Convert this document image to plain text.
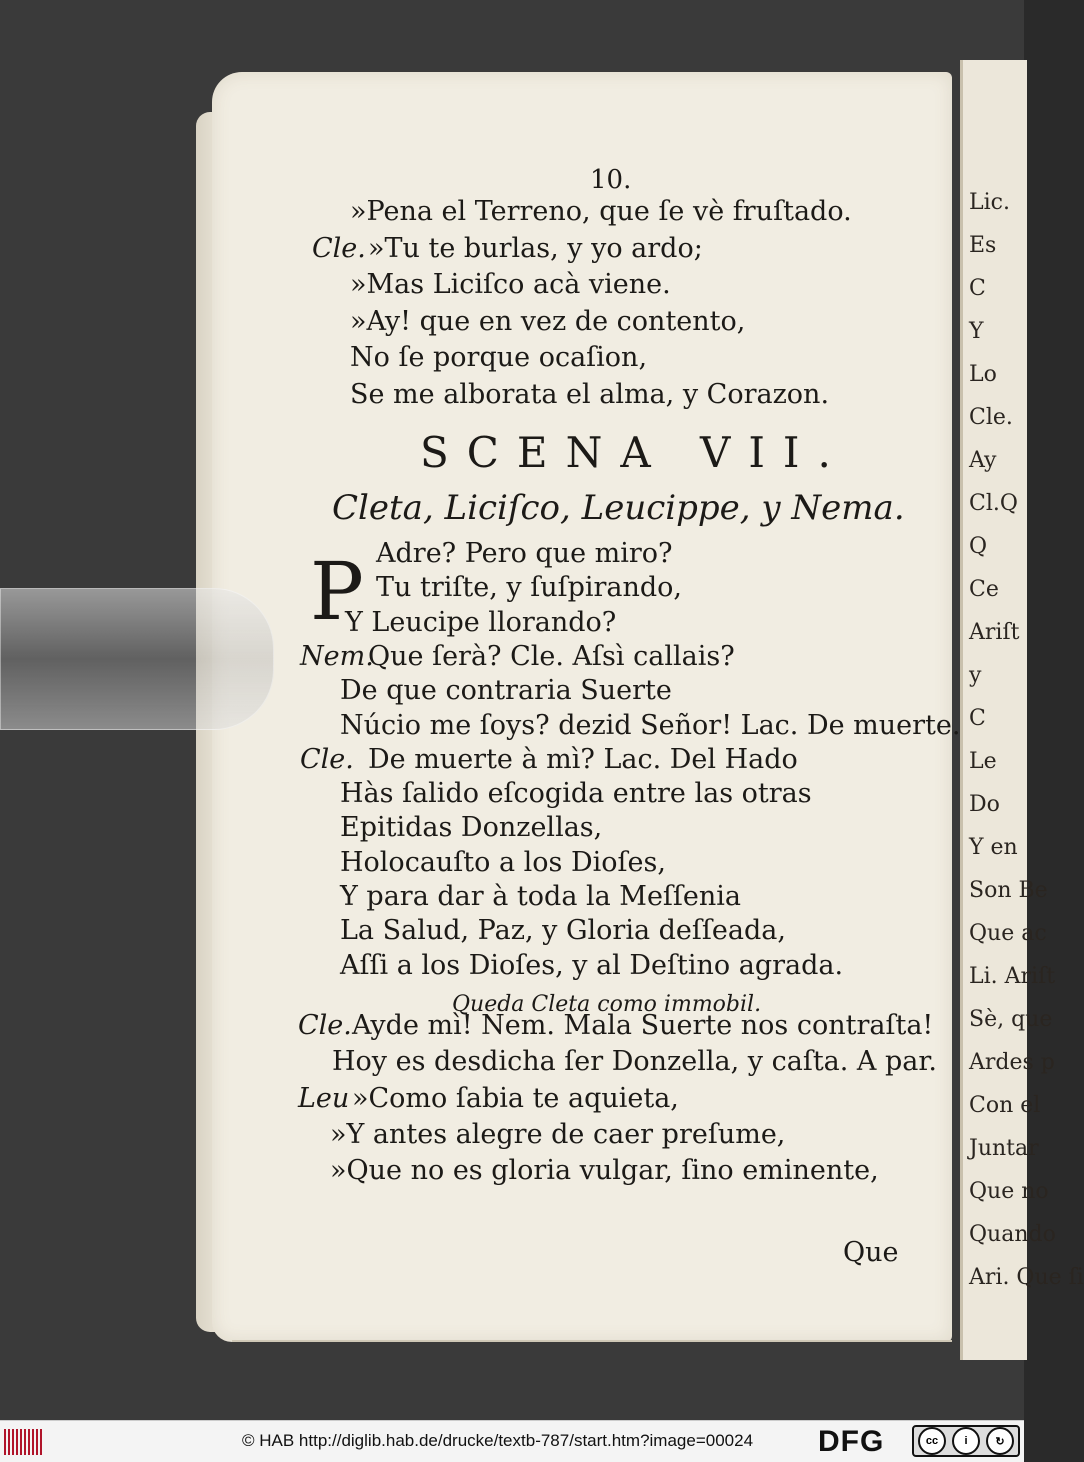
Lic.
Es
C
Y
Lo
Cle.
Ay
Cl.Q
Q
Ce
Ariſt
y
C
Le
Do
Y en
Son Be
Que ac
Li. Ariſt
Sè, que
Ardes p
Con el
Juntar
Que no
Quando
Ari. Que ſi
10.
»Pena el Terreno, que ſe vè fruſtado.
Cle. »Tu te burlas, y yo ardo;
»Mas Liciſco acà viene.
»Ay! que en vez de contento,
No ſe porque ocaſion,
Se me alborata el alma, y Corazon.
SCENA VII.
Cleta, Liciſco, Leucippe, y Nema.
P Adre? Pero que miro?
Tu triſte, y ſuſpirando,
Y Leucipe llorando?
Nem.
Que ſerà? Cle. Aſsì callais?
De que contraria Suerte
Núcio me ſoys? dezid Señor! Lac. De muerte.
Cle. De muerte à mì? Lac. Del Hado
Hàs ſalido eſcogida entre las otras
Epitidas Donzellas,
Holocauſto a los Dioſes,
Y para dar à toda la Meſſenia
La Salud, Paz, y Gloria deſſeada,
Aſſi a los Dioſes, y al Deſtino agrada.
Queda Cleta como immobil.
Cle. Ayde mì! Nem. Mala Suerte nos contraſta!
Hoy es desdicha ſer Donzella, y caſta. A par.
Leu »Como ſabia te aquieta,
»Y antes alegre de caer preſume,
»Que no es gloria vulgar, ſino eminente,
Que
© HAB http://diglib.hab.de/drucke/textb-787/start.htm?image=00024 DFG	cc	i	↻
